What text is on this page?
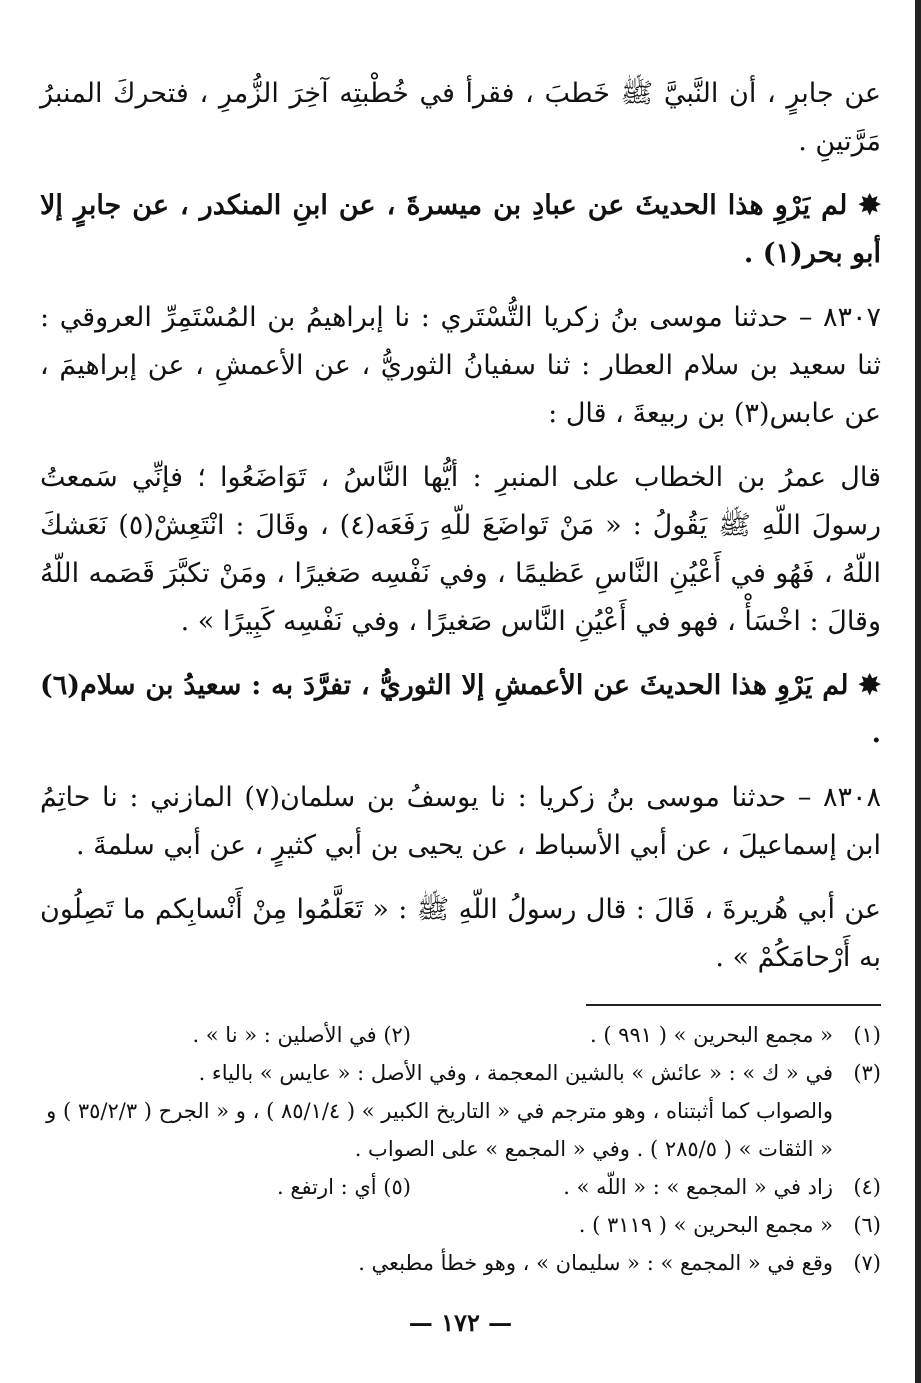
عن جابرٍ ، أن النَّبيَّ ﷺ خَطبَ ، فقرأ في خُطْبتِه آخِرَ الزُّمرِ ، فتحركَ المنبرُ مَرَّتينِ .

✸ لم يَرْوِ هذا الحديثَ عن عبادِ بن ميسرةَ ، عن ابنِ المنكدر ، عن جابرٍ إلا أبو بحر(١) .

٨٣٠٧ – حدثنا موسى بنُ زكريا التُّسْتَري : نا إبراهيمُ بن المُسْتَمِرِّ العروقي : ثنا سعيد بن سلام العطار : ثنا سفيانُ الثوريُّ ، عن الأعمشِ ، عن إبراهيمَ ، عن عابس(٣) بن ربيعةَ ، قال :

قال عمرُ بن الخطاب على المنبرِ : أيُّها النَّاسُ ، تَوَاضَعُوا ؛ فإنِّي سَمعتُ رسولَ اللّهِ ﷺ يَقُولُ : « مَنْ تَواضَعَ للّهِ رَفَعَه(٤) ، وقَالَ : انْتَعِشْ(٥) نَعَشكَ اللّهُ ، فَهُو في أَعْيُنِ النَّاسِ عَظيمًا ، وفي نَفْسِه صَغيرًا ، ومَنْ تكبَّرَ قَصَمه اللّهُ وقالَ : اخْسَأْ ، فهو في أَعْيُنِ النَّاس صَغيرًا ، وفي نَفْسِه كَبِيرًا » .

✸ لم يَرْوِ هذا الحديثَ عن الأعمشِ إلا الثوريُّ ، تفرَّدَ به : سعيدُ بن سلام(٦) .

٨٣٠٨ – حدثنا موسى بنُ زكريا : نا يوسفُ بن سلمان(٧) المازني : نا حاتِمُ ابن إسماعيلَ ، عن أبي الأسباط ، عن يحيى بن أبي كثيرٍ ، عن أبي سلمةَ .

عن أبي هُريرةَ ، قَالَ : قال رسولُ اللّهِ ﷺ : « تَعَلَّمُوا مِنْ أَنْسابِكم ما تَصِلُون به أَرْحامَكُمْ » .

(١)« مجمع البحرين » ( ٩٩١ ) .

(٢) في الأصلين : « نا » .

(٣)في « ك » : « عائش » بالشين المعجمة ، وفي الأصل : « عايس » بالياء .

والصواب كما أثبتناه ، وهو مترجم في « التاريخ الكبير » ( ٨٥/١/٤ ) ، و « الجرح ( ٣٥/٢/٣ ) و « الثقات » ( ٢٨٥/٥ ) . وفي « المجمع » على الصواب .

(٤)زاد في « المجمع » : « اللّه » .

(٥) أي : ارتفع .

(٦)« مجمع البحرين » ( ٣١١٩ ) .

(٧)وقع في « المجمع » : « سليمان » ، وهو خطأ مطبعي .

— ١٧٢ —
